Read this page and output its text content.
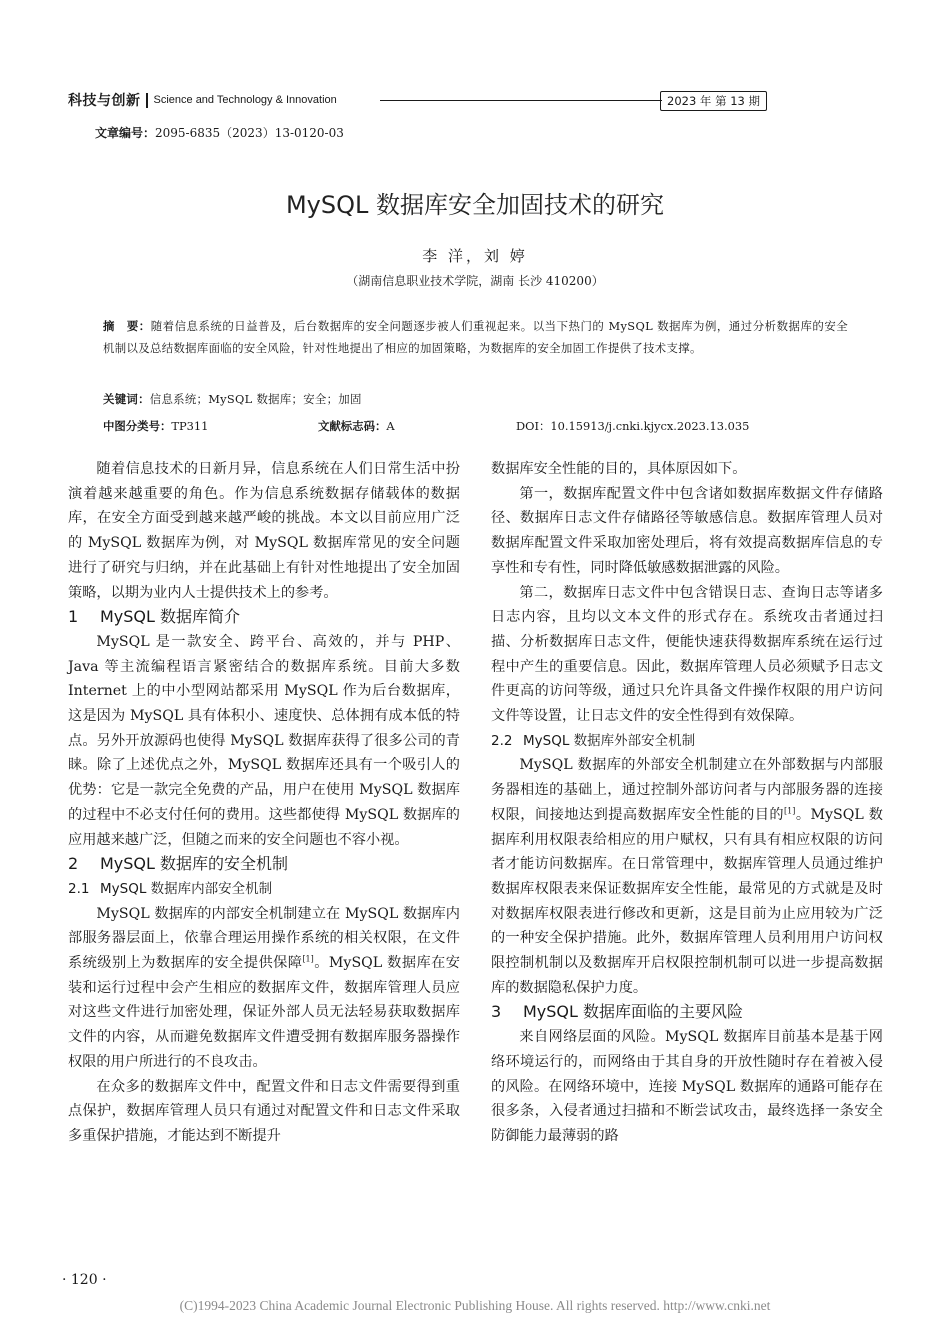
科技与创新 Science and Technology & Innovation	2023 年 第 13 期
文章编号：2095-6835（2023）13-0120-03
MySQL 数据库安全加固技术的研究
李 洋，刘 婷
（湖南信息职业技术学院，湖南 长沙 410200）
摘　要：随着信息系统的日益普及，后台数据库的安全问题逐步被人们重视起来。以当下热门的 MySQL 数据库为例，通过分析数据库的安全机制以及总结数据库面临的安全风险，针对性地提出了相应的加固策略，为数据库的安全加固工作提供了技术支撑。
关键词：信息系统；MySQL 数据库；安全；加固
中图分类号：TP311	文献标志码：A	DOI：10.15913/j.cnki.kjycx.2023.13.035

随着信息技术的日新月异，信息系统在人们日常生活中扮演着越来越重要的角色。作为信息系统数据存储载体的数据库，在安全方面受到越来越严峻的挑战。本文以目前应用广泛的 MySQL 数据库为例，对 MySQL 数据库常见的安全问题进行了研究与归纳，并在此基础上有针对性地提出了安全加固策略，以期为业内人士提供技术上的参考。

1 MySQL 数据库简介

MySQL 是一款安全、跨平台、高效的，并与 PHP、Java 等主流编程语言紧密结合的数据库系统。目前大多数 Internet 上的中小型网站都采用 MySQL 作为后台数据库，这是因为 MySQL 具有体积小、速度快、总体拥有成本低的特点。另外开放源码也使得 MySQL 数据库获得了很多公司的青睐。除了上述优点之外，MySQL 数据库还具有一个吸引人的优势：它是一款完全免费的产品，用户在使用 MySQL 数据库的过程中不必支付任何的费用。这些都使得 MySQL 数据库的应用越来越广泛，但随之而来的安全问题也不容小视。

2 MySQL 数据库的安全机制

2.1 MySQL 数据库内部安全机制

MySQL 数据库的内部安全机制建立在 MySQL 数据库内部服务器层面上，依靠合理运用操作系统的相关权限，在文件系统级别上为数据库的安全提供保障[1]。MySQL 数据库在安装和运行过程中会产生相应的数据库文件，数据库管理人员应对这些文件进行加密处理，保证外部人员无法轻易获取数据库文件的内容，从而避免数据库文件遭受拥有数据库服务器操作权限的用户所进行的不良攻击。

在众多的数据库文件中，配置文件和日志文件需要得到重点保护，数据库管理人员只有通过对配置文件和日志文件采取多重保护措施，才能达到不断提升

数据库安全性能的目的，具体原因如下。

第一，数据库配置文件中包含诸如数据库数据文件存储路径、数据库日志文件存储路径等敏感信息。数据库管理人员对数据库配置文件采取加密处理后，将有效提高数据库信息的专享性和专有性，同时降低敏感数据泄露的风险。

第二，数据库日志文件中包含错误日志、查询日志等诸多日志内容，且均以文本文件的形式存在。系统攻击者通过扫描、分析数据库日志文件，便能快速获得数据库系统在运行过程中产生的重要信息。因此，数据库管理人员必须赋予日志文件更高的访问等级，通过只允许具备文件操作权限的用户访问文件等设置，让日志文件的安全性得到有效保障。

2.2 MySQL 数据库外部安全机制

MySQL 数据库的外部安全机制建立在外部数据与内部服务器相连的基础上，通过控制外部访问者与内部服务器的连接权限，间接地达到提高数据库安全性能的目的[1]。MySQL 数据库利用权限表给相应的用户赋权，只有具有相应权限的访问者才能访问数据库。在日常管理中，数据库管理人员通过维护数据库权限表来保证数据库安全性能，最常见的方式就是及时对数据库权限表进行修改和更新，这是目前为止应用较为广泛的一种安全保护措施。此外，数据库管理人员利用用户访问权限控制机制以及数据库开启权限控制机制可以进一步提高数据库的数据隐私保护力度。

3 MySQL 数据库面临的主要风险

来自网络层面的风险。MySQL 数据库目前基本是基于网络环境运行的，而网络由于其自身的开放性随时存在着被入侵的风险。在网络环境中，连接 MySQL 数据库的通路可能存在很多条，入侵者通过扫描和不断尝试攻击，最终选择一条安全防御能力最薄弱的路

· 120 ·
(C)1994-2023 China Academic Journal Electronic Publishing House. All rights reserved. http://www.cnki.net
